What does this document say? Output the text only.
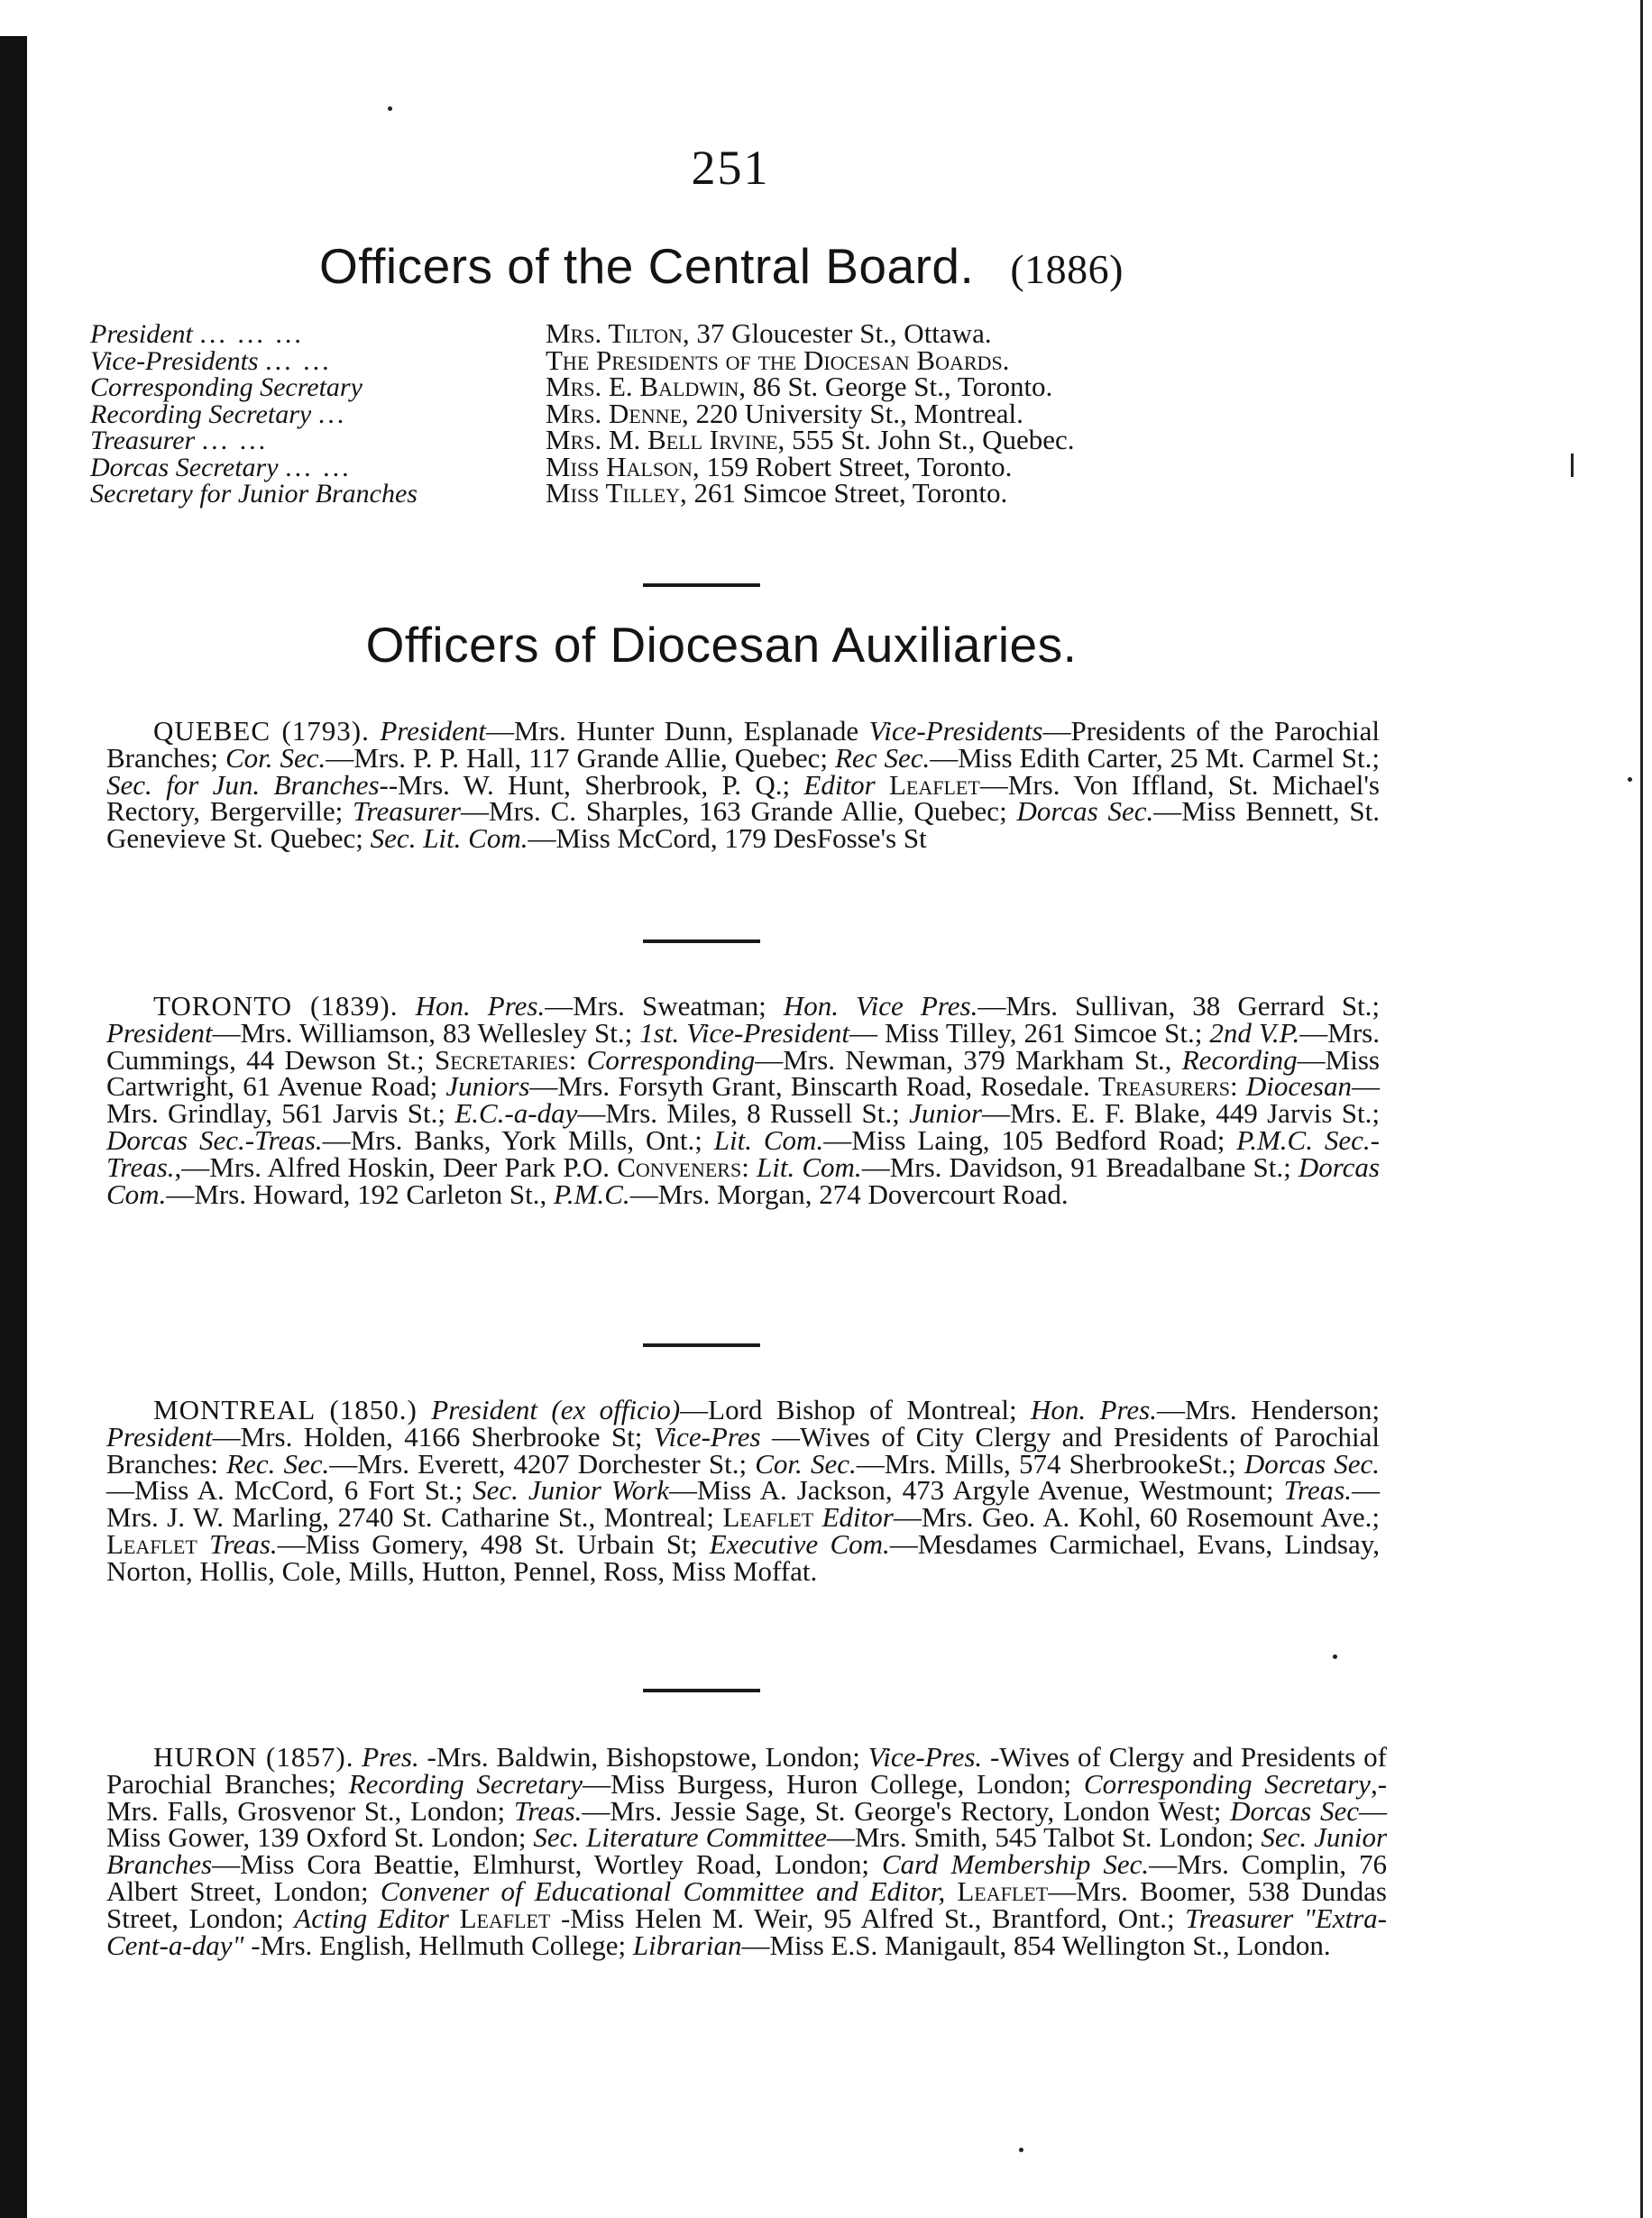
251
Officers of the Central Board. (1886)
President ... ... ...	Mrs. Tilton, 37 Gloucester St., Ottawa.
Vice-Presidents ... ...	The Presidents of the Diocesan Boards.
Corresponding Secretary	Mrs. E. Baldwin, 86 St. George St., Toronto.
Recording Secretary ...	Mrs. Denne, 220 University St., Montreal.
Treasurer ... ...	Mrs. M. Bell Irvine, 555 St. John St., Quebec.
Dorcas Secretary ... ...	Miss Halson, 159 Robert Street, Toronto.
Secretary for Junior Branches	Miss Tilley, 261 Simcoe Street, Toronto.
Officers of Diocesan Auxiliaries.

QUEBEC (1793). President—Mrs. Hunter Dunn, Esplanade Vice-Presidents—Presidents of the Parochial Branches; Cor. Sec.—Mrs. P. P. Hall, 117 Grande Allie, Quebec; Rec Sec.—Miss Edith Carter, 25 Mt. Carmel St.; Sec. for Jun. Branches--Mrs. W. Hunt, Sherbrook, P. Q.; Editor Leaflet—Mrs. Von Iffland, St. Michael's Rectory, Bergerville; Treasurer—Mrs. C. Sharples, 163 Grande Allie, Quebec; Dorcas Sec.—Miss Bennett, St. Genevieve St. Quebec; Sec. Lit. Com.—Miss McCord, 179 DesFosse's St

TORONTO (1839). Hon. Pres.—Mrs. Sweatman; Hon. Vice Pres.—Mrs. Sullivan, 38 Gerrard St.; President—Mrs. Williamson, 83 Wellesley St.; 1st. Vice-President— Miss Tilley, 261 Simcoe St.; 2nd V.P.—Mrs. Cummings, 44 Dewson St.; Secretaries: Corresponding—Mrs. Newman, 379 Markham St., Recording—Miss Cartwright, 61 Avenue Road; Juniors—Mrs. Forsyth Grant, Binscarth Road, Rosedale. Treasurers: Diocesan—Mrs. Grindlay, 561 Jarvis St.; E.C.-a-day—Mrs. Miles, 8 Russell St.; Junior—Mrs. E. F. Blake, 449 Jarvis St.; Dorcas Sec.-Treas.—Mrs. Banks, York Mills, Ont.; Lit. Com.—Miss Laing, 105 Bedford Road; P.M.C. Sec.-Treas.,—Mrs. Alfred Hoskin, Deer Park P.O. Conveners: Lit. Com.—Mrs. Davidson, 91 Breadalbane St.; Dorcas Com.—Mrs. Howard, 192 Carleton St., P.M.C.—Mrs. Morgan, 274 Dovercourt Road.

MONTREAL (1850.) President (ex officio)—Lord Bishop of Montreal; Hon. Pres.—Mrs. Henderson; President—Mrs. Holden, 4166 Sherbrooke St; Vice-Pres —Wives of City Clergy and Presidents of Parochial Branches: Rec. Sec.—Mrs. Everett, 4207 Dorchester St.; Cor. Sec.—Mrs. Mills, 574 SherbrookeSt.; Dorcas Sec.—Miss A. McCord, 6 Fort St.; Sec. Junior Work—Miss A. Jackson, 473 Argyle Avenue, Westmount; Treas.—Mrs. J. W. Marling, 2740 St. Catharine St., Montreal; Leaflet Editor—Mrs. Geo. A. Kohl, 60 Rosemount Ave.; Leaflet Treas.—Miss Gomery, 498 St. Urbain St; Executive Com.—Mesdames Carmichael, Evans, Lindsay, Norton, Hollis, Cole, Mills, Hutton, Pennel, Ross, Miss Moffat.

HURON (1857). Pres. -Mrs. Baldwin, Bishopstowe, London; Vice-Pres. -Wives of Clergy and Presidents of Parochial Branches; Recording Secretary—Miss Burgess, Huron College, London; Corresponding Secretary,- Mrs. Falls, Grosvenor St., London; Treas.—Mrs. Jessie Sage, St. George's Rectory, London West; Dorcas Sec—Miss Gower, 139 Oxford St. London; Sec. Literature Committee—Mrs. Smith, 545 Talbot St. London; Sec. Junior Branches—Miss Cora Beattie, Elmhurst, Wortley Road, London; Card Membership Sec.—Mrs. Complin, 76 Albert Street, London; Convener of Educational Committee and Editor, Leaflet—Mrs. Boomer, 538 Dundas Street, London; Acting Editor Leaflet -Miss Helen M. Weir, 95 Alfred St., Brantford, Ont.; Treasurer "Extra-Cent-a-day" -Mrs. English, Hellmuth College; Librarian—Miss E.S. Manigault, 854 Wellington St., London.
